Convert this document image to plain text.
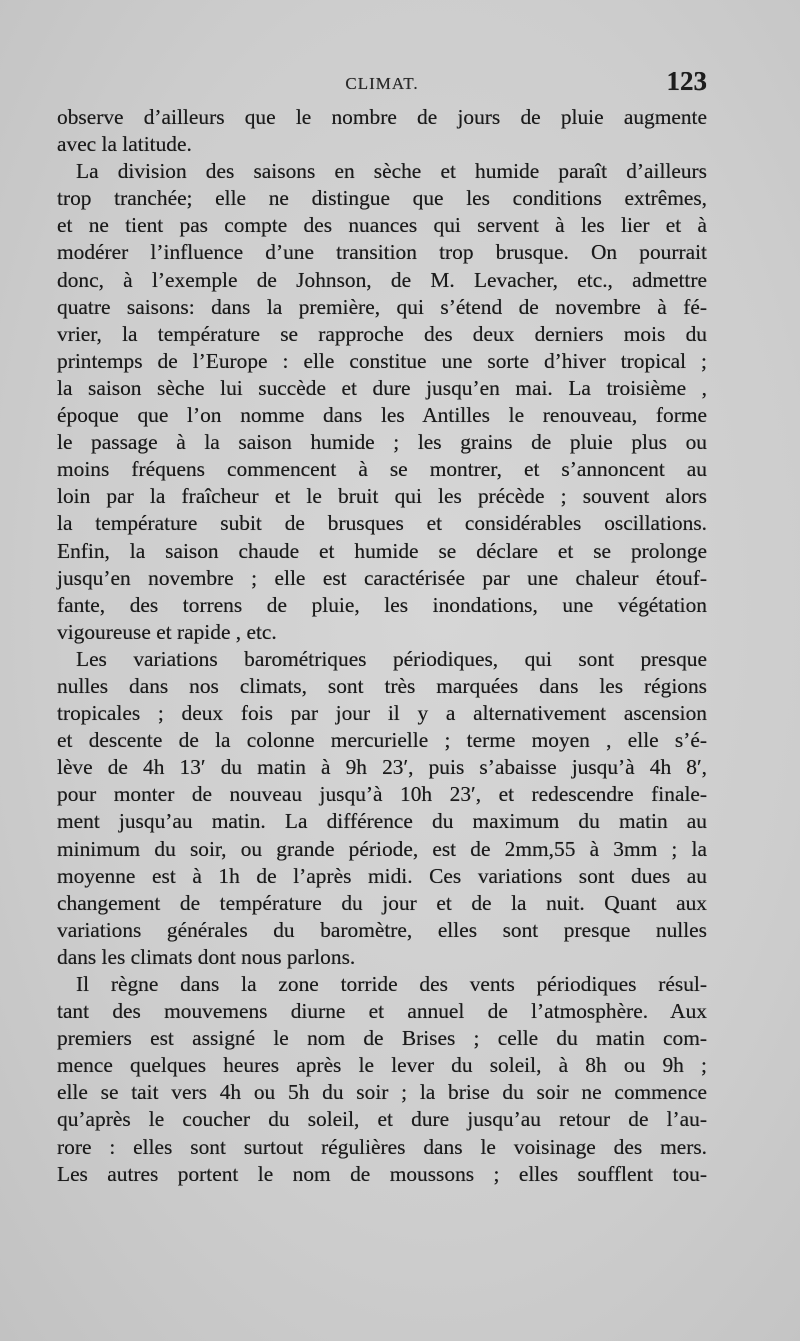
CLIMAT.	123
observe d’ailleurs que le nombre de jours de pluie augmente
avec la latitude.
La division des saisons en sèche et humide paraît d’ailleurs
trop tranchée; elle ne distingue que les conditions extrêmes,
et ne tient pas compte des nuances qui servent à les lier et à
modérer l’influence d’une transition trop brusque. On pourrait
donc, à l’exemple de Johnson, de M. Levacher, etc., admettre
quatre saisons: dans la première, qui s’étend de novembre à fé-
vrier, la température se rapproche des deux derniers mois du
printemps de l’Europe : elle constitue une sorte d’hiver tropical ;
la saison sèche lui succède et dure jusqu’en mai. La troisième ,
époque que l’on nomme dans les Antilles le renouveau, forme
le passage à la saison humide ; les grains de pluie plus ou
moins fréquens commencent à se montrer, et s’annoncent au
loin par la fraîcheur et le bruit qui les précède ; souvent alors
la température subit de brusques et considérables oscillations.
Enfin, la saison chaude et humide se déclare et se prolonge
jusqu’en novembre ; elle est caractérisée par une chaleur étouf-
fante, des torrens de pluie, les inondations, une végétation
vigoureuse et rapide , etc.
Les variations barométriques périodiques, qui sont presque
nulles dans nos climats, sont très marquées dans les régions
tropicales ; deux fois par jour il y a alternativement ascension
et descente de la colonne mercurielle ; terme moyen , elle s’é-
lève de 4h 13′ du matin à 9h 23′, puis s’abaisse jusqu’à 4h 8′,
pour monter de nouveau jusqu’à 10h 23′, et redescendre finale-
ment jusqu’au matin. La différence du maximum du matin au
minimum du soir, ou grande période, est de 2mm,55 à 3mm ; la
moyenne est à 1h de l’après midi. Ces variations sont dues au
changement de température du jour et de la nuit. Quant aux
variations générales du baromètre, elles sont presque nulles
dans les climats dont nous parlons.
Il règne dans la zone torride des vents périodiques résul-
tant des mouvemens diurne et annuel de l’atmosphère. Aux
premiers est assigné le nom de Brises ; celle du matin com-
mence quelques heures après le lever du soleil, à 8h ou 9h ;
elle se tait vers 4h ou 5h du soir ; la brise du soir ne commence
qu’après le coucher du soleil, et dure jusqu’au retour de l’au-
rore : elles sont surtout régulières dans le voisinage des mers.
Les autres portent le nom de moussons ; elles soufflent tou-
